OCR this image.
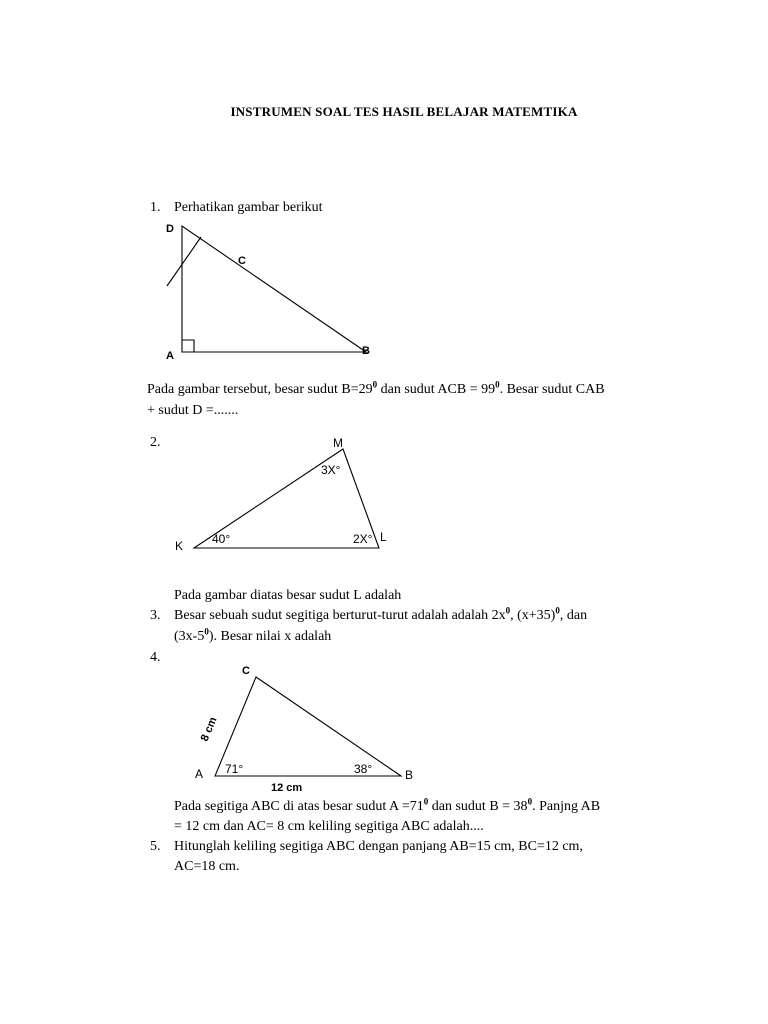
INSTRUMEN SOAL TES HASIL BELAJAR MATEMTIKA
1. Perhatikan gambar berikut
D
C
A	B
Pada gambar tersebut, besar sudut $B=29^0$ dan sudut ACB = $99^0$. Besar sudut CAB
+ sudut D =.......
2.	M
K
L
3X°
40°	2X°
Pada gambar diatas besar sudut L adalah
3. Besar sebuah sudut segitiga berturut-turut adalah adalah $2x^0$, $(x+35)^0$, dan
$(3x-5^0)$. Besar nilai x adalah
4.
C
A	B
8 cm
12 cm
71°	38°
Pada segitiga ABC di atas besar sudut $A =71^0$ dan sudut $B = 38^0$. Panjng AB
= 12 cm dan AC= 8 cm keliling segitiga ABC adalah....
5. Hitunglah keliling segitiga ABC dengan panjang AB=15 cm, BC=12 cm,
AC=18 cm.
